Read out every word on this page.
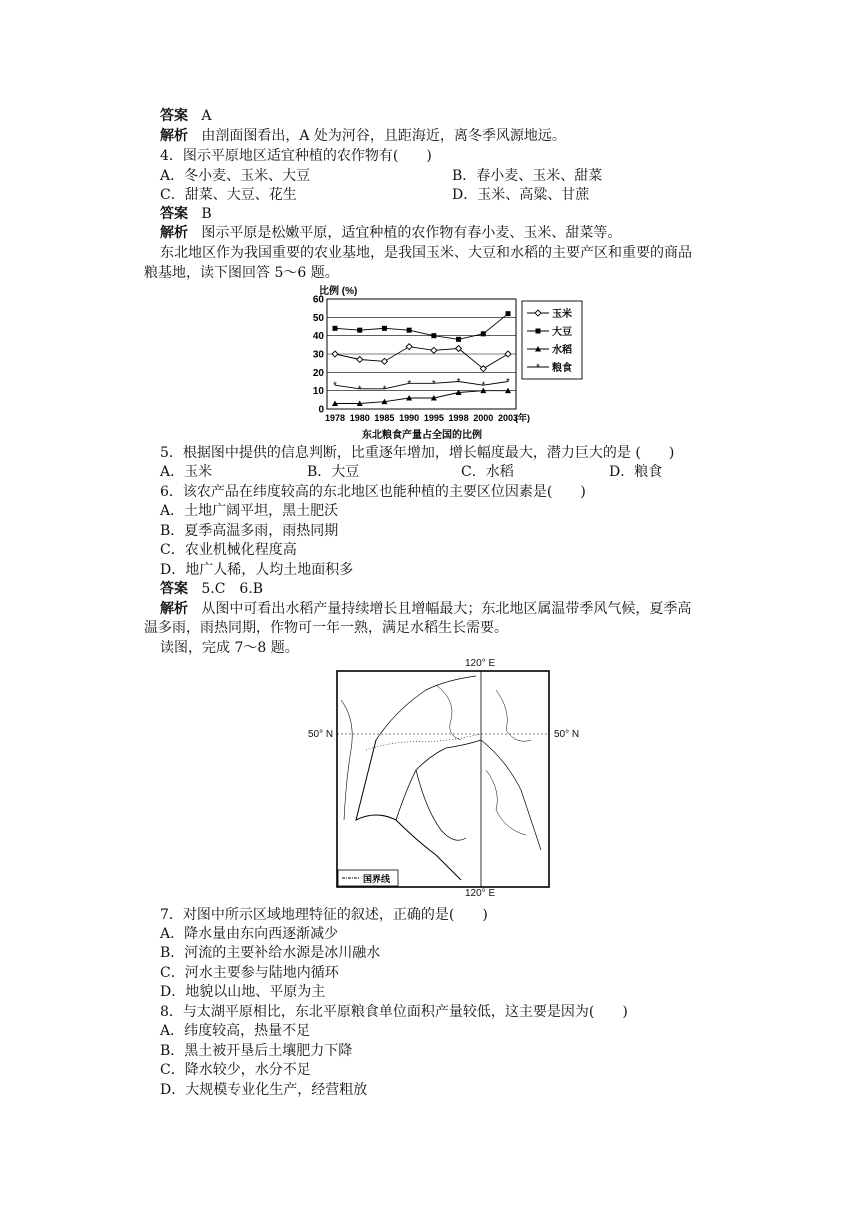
答案 A
解析 由剖面图看出，A 处为河谷，且距海近，离冬季风源地远。
4．图示平原地区适宜种植的农作物有(　　)
A．冬小麦、玉米、大豆	B．春小麦、玉米、甜菜
C．甜菜、大豆、花生	D．玉米、高粱、甘蔗
答案 B
解析 图示平原是松嫩平原，适宜种植的农作物有春小麦、玉米、甜菜等。
东北地区作为我国重要的农业基地，是我国玉米、大豆和水稻的主要产区和重要的商品
粮基地，读下图回答 5～6 题。
比例 (%)
0
10
20
30
40
50
60
1978 1980 1985 1990 1995 1998 2000 2003
* * * * * * * *
玉米
大豆
水稻
* 粮食
(年)
东北粮食产量占全国的比例
5．根据图中提供的信息判断，比重逐年增加，增长幅度最大，潜力巨大的是 (　　)
A．玉米	B．大豆	C．水稻	D．粮食
6．该农产品在纬度较高的东北地区也能种植的主要区位因素是(　　)
A．土地广阔平坦，黑土肥沃
B．夏季高温多雨，雨热同期
C．农业机械化程度高
D．地广人稀，人均土地面积多
答案 5.C　6.B
解析 从图中可看出水稻产量持续增长且增幅最大；东北地区属温带季风气候，夏季高
温多雨，雨热同期，作物可一年一熟，满足水稻生长需要。
读图，完成 7～8 题。
120° E
120° E
50° N	50° N
国界线
7．对图中所示区域地理特征的叙述，正确的是(　　)
A．降水量由东向西逐渐减少
B．河流的主要补给水源是冰川融水
C．河水主要参与陆地内循环
D．地貌以山地、平原为主
8．与太湖平原相比，东北平原粮食单位面积产量较低，这主要是因为(　　)
A．纬度较高，热量不足
B．黑土被开垦后土壤肥力下降
C．降水较少，水分不足
D．大规模专业化生产，经营粗放
